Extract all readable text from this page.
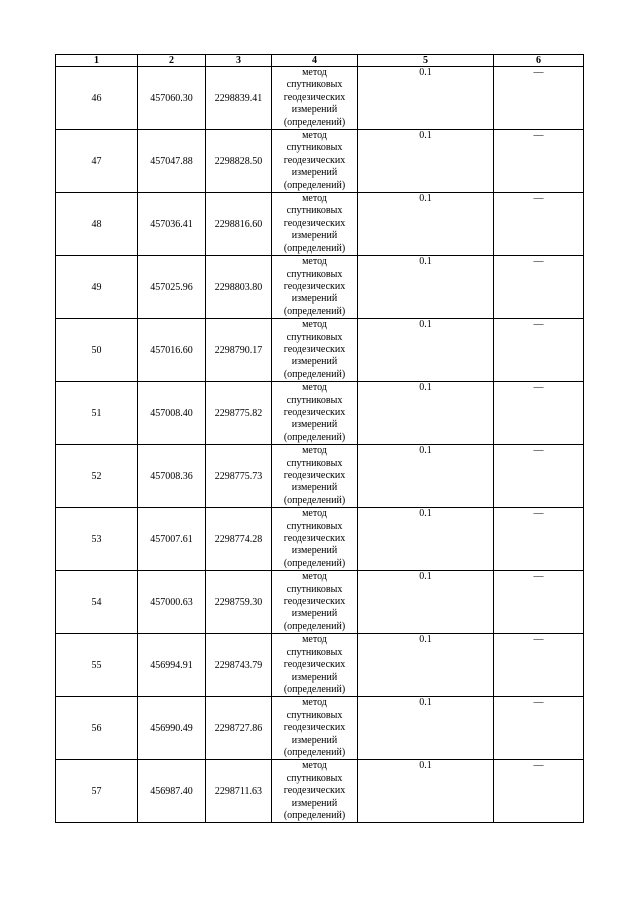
1	2	3	4	5	6
46	457060.30	2298839.41	метод
спутниковых
геодезических
измерений
(определений)	0.1	—
47	457047.88	2298828.50	метод
спутниковых
геодезических
измерений
(определений)	0.1	—
48	457036.41	2298816.60	метод
спутниковых
геодезических
измерений
(определений)	0.1	—
49	457025.96	2298803.80	метод
спутниковых
геодезических
измерений
(определений)	0.1	—
50	457016.60	2298790.17	метод
спутниковых
геодезических
измерений
(определений)	0.1	—
51	457008.40	2298775.82	метод
спутниковых
геодезических
измерений
(определений)	0.1	—
52	457008.36	2298775.73	метод
спутниковых
геодезических
измерений
(определений)	0.1	—
53	457007.61	2298774.28	метод
спутниковых
геодезических
измерений
(определений)	0.1	—
54	457000.63	2298759.30	метод
спутниковых
геодезических
измерений
(определений)	0.1	—
55	456994.91	2298743.79	метод
спутниковых
геодезических
измерений
(определений)	0.1	—
56	456990.49	2298727.86	метод
спутниковых
геодезических
измерений
(определений)	0.1	—
57	456987.40	2298711.63	метод
спутниковых
геодезических
измерений
(определений)	0.1	—
